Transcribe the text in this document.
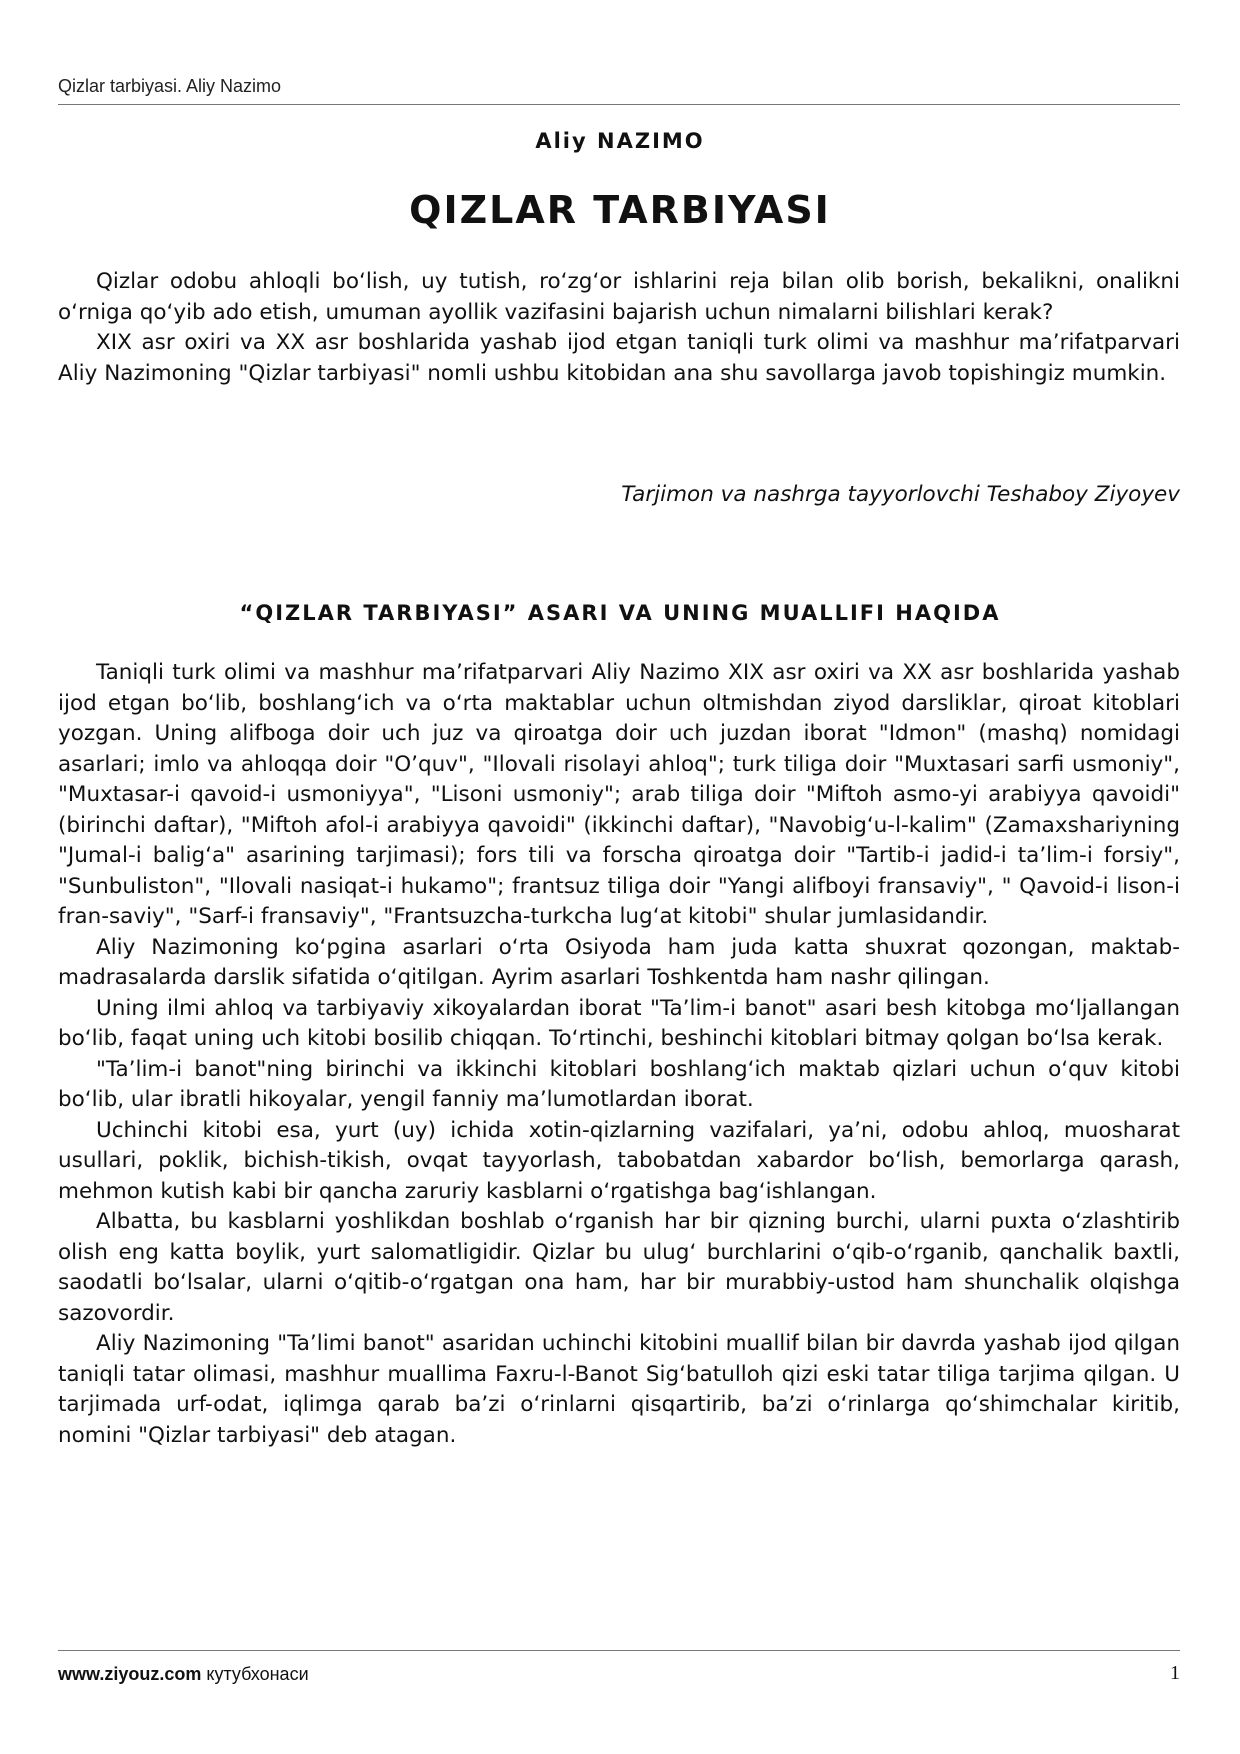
Qizlar tarbiyasi. Aliy Nazimo
Aliy NAZIMO
QIZLAR TARBIYASI

Qizlar odobu ahloqli bo‘lish, uy tutish, ro‘zg‘or ishlarini reja bilan olib borish, bekalikni, onalikni o‘rniga qo‘yib ado etish, umuman ayollik vazifasini bajarish uchun nimalarni bilishlari kerak?

XIX asr oxiri va XX asr boshlarida yashab ijod etgan taniqli turk olimi va mashhur ma’rifatparvari Aliy Nazimoning "Qizlar tarbiyasi" nomli ushbu kitobidan ana shu savollarga javob topishingiz mumkin.

Tarjimon va nashrga tayyorlovchi Teshaboy Ziyoyev
“QIZLAR TARBIYASI” ASARI VA UNING MUALLIFI HAQIDA

Taniqli turk olimi va mashhur ma’rifatparvari Aliy Nazimo XIX asr oxiri va XX asr boshlarida yashab ijod etgan bo‘lib, boshlang‘ich va o‘rta maktablar uchun oltmishdan ziyod darsliklar, qiroat kitoblari yozgan. Uning alifboga doir uch juz va qiroatga doir uch juzdan iborat "Idmon" (mashq) nomidagi asarlari; imlo va ahloqqa doir "O’quv", "Ilovali risolayi ahloq"; turk tiliga doir "Muxtasari sarfi usmoniy", "Muxtasar-i qavoid-i usmoniyya", "Lisoni usmoniy"; arab tiliga doir "Miftoh asmo-yi arabiyya qavoidi" (birinchi daftar), "Miftoh afol-i arabiyya qavoidi" (ikkinchi daftar), "Navobig‘u-l-kalim" (Zamaxshariyning "Jumal-i balig‘a" asarining tarjimasi); fors tili va forscha qiroatga doir "Tartib-i jadid-i ta’lim-i forsiy", "Sunbuliston", "Ilovali nasiqat-i hukamo"; frantsuz tiliga doir "Yangi alifboyi fransaviy", " Qavoid-i lison-i fran-saviy", "Sarf-i fransaviy", "Frantsuzcha-turkcha lug‘at kitobi" shular jumlasidandir.

Aliy Nazimoning ko‘pgina asarlari o‘rta Osiyoda ham juda katta shuxrat qozongan, maktab-madrasalarda darslik sifatida o‘qitilgan. Ayrim asarlari Toshkentda ham nashr qilingan.

Uning ilmi ahloq va tarbiyaviy xikoyalardan iborat "Ta’lim-i banot" asari besh kitobga mo‘ljallangan bo‘lib, faqat uning uch kitobi bosilib chiqqan. To‘rtinchi, beshinchi kitoblari bitmay qolgan bo‘lsa kerak.

"Ta’lim-i banot"ning birinchi va ikkinchi kitoblari boshlang‘ich maktab qizlari uchun o‘quv kitobi bo‘lib, ular ibratli hikoyalar, yengil fanniy ma’lumotlardan iborat.

Uchinchi kitobi esa, yurt (uy) ichida xotin-qizlarning vazifalari, ya’ni, odobu ahloq, muosharat usullari, poklik, bichish-tikish, ovqat tayyorlash, tabobatdan xabardor bo‘lish, bemorlarga qarash, mehmon kutish kabi bir qancha zaruriy kasblarni o‘rgatishga bag‘ishlangan.

Albatta, bu kasblarni yoshlikdan boshlab o‘rganish har bir qizning burchi, ularni puxta o‘zlashtirib olish eng katta boylik, yurt salomatligidir. Qizlar bu ulug‘ burchlarini o‘qib-o‘rganib, qanchalik baxtli, saodatli bo‘lsalar, ularni o‘qitib-o‘rgatgan ona ham, har bir murabbiy-ustod ham shunchalik olqishga sazovordir.

Aliy Nazimoning "Ta’limi banot" asaridan uchinchi kitobini muallif bilan bir davrda yashab ijod qilgan taniqli tatar olimasi, mashhur muallima Faxru-l-Banot Sig‘batulloh qizi eski tatar tiliga tarjima qilgan. U tarjimada urf-odat, iqlimga qarab ba’zi o‘rinlarni qisqartirib, ba’zi o‘rinlarga qo‘shimchalar kiritib, nomini "Qizlar tarbiyasi" deb atagan.

www.ziyouz.com кутубхонаси	1
